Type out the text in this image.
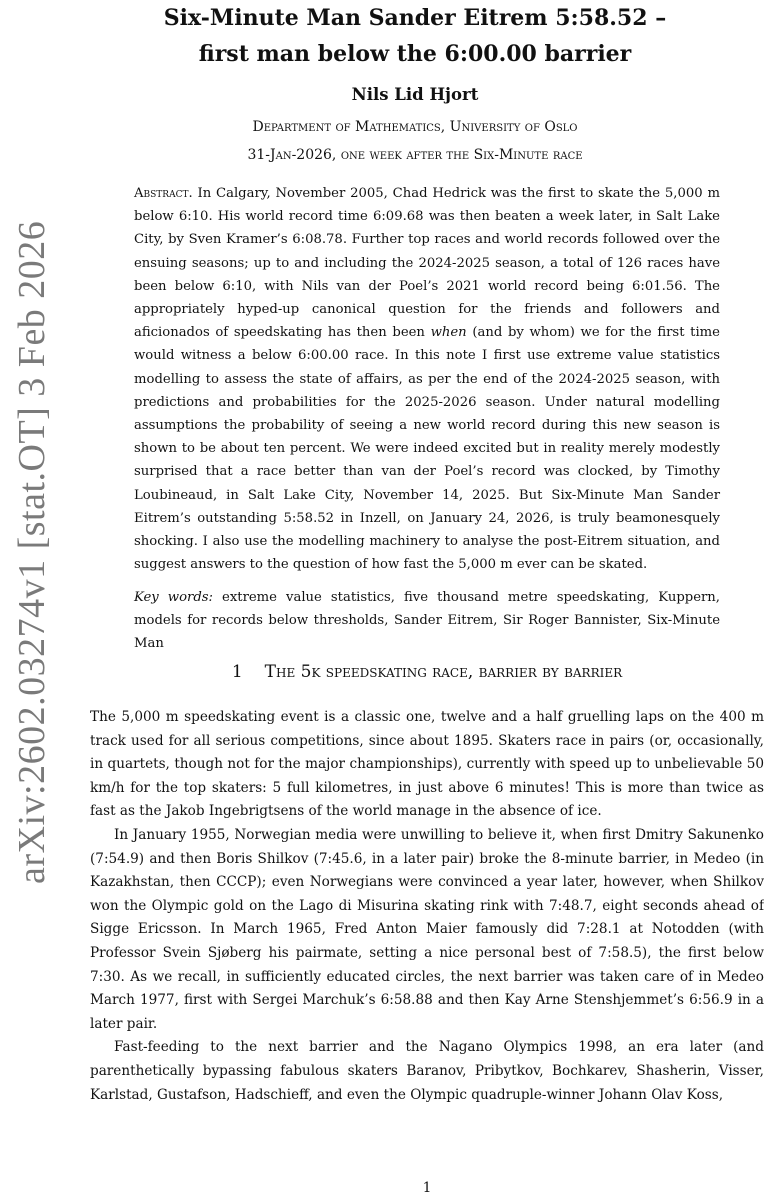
arXiv:2602.03274v1 [stat.OT] 3 Feb 2026
Six-Minute Man Sander Eitrem 5:58.52 –
first man below the 6:00.00 barrier
Nils Lid Hjort
Department of Mathematics, University of Oslo
31-Jan-2026, one week after the Six-Minute race
Abstract. In Calgary, November 2005, Chad Hedrick was the first to skate the 5,000 m below 6:10. His world record time 6:09.68 was then beaten a week later, in Salt Lake City, by Sven Kramer’s 6:08.78. Further top races and world records followed over the ensuing seasons; up to and including the 2024-2025 season, a total of 126 races have been below 6:10, with Nils van der Poel’s 2021 world record being 6:01.56. The appropriately hyped-up canonical question for the friends and followers and aficionados of speedskating has then been when (and by whom) we for the first time would witness a below 6:00.00 race. In this note I first use extreme value statistics modelling to assess the state of affairs, as per the end of the 2024-2025 season, with predictions and probabilities for the 2025-2026 season. Under natural modelling assumptions the probability of seeing a new world record during this new season is shown to be about ten percent. We were indeed excited but in reality merely modestly surprised that a race better than van der Poel’s record was clocked, by Timothy Loubineaud, in Salt Lake City, November 14, 2025. But Six-Minute Man Sander Eitrem’s outstanding 5:58.52 in Inzell, on January 24, 2026, is truly beamonesquely shocking. I also use the modelling machinery to analyse the post-Eitrem situation, and suggest answers to the question of how fast the 5,000 m ever can be skated.
Key words: extreme value statistics, five thousand metre speedskating, Kuppern, models for records below thresholds, Sander Eitrem, Sir Roger Bannister, Six-Minute Man
1 The 5k speedskating race, barrier by barrier

The 5,000 m speedskating event is a classic one, twelve and a half gruelling laps on the 400 m track used for all serious competitions, since about 1895. Skaters race in pairs (or, occasionally, in quartets, though not for the major championships), currently with speed up to unbelievable 50 km/h for the top skaters: 5 full kilometres, in just above 6 minutes! This is more than twice as fast as the Jakob Ingebrigtsens of the world manage in the absence of ice.

In January 1955, Norwegian media were unwilling to believe it, when first Dmitry Sakunenko (7:54.9) and then Boris Shilkov (7:45.6, in a later pair) broke the 8-minute barrier, in Medeo (in Kazakhstan, then CCCP); even Norwegians were convinced a year later, however, when Shilkov won the Olympic gold on the Lago di Misurina skating rink with 7:48.7, eight seconds ahead of Sigge Ericsson. In March 1965, Fred Anton Maier famously did 7:28.1 at Notodden (with Professor Svein Sjøberg his pairmate, setting a nice personal best of 7:58.5), the first below 7:30. As we recall, in sufficiently educated circles, the next barrier was taken care of in Medeo March 1977, first with Sergei Marchuk’s 6:58.88 and then Kay Arne Stenshjemmet’s 6:56.9 in a later pair.

Fast-feeding to the next barrier and the Nagano Olympics 1998, an era later (and parenthetically bypassing fabulous skaters Baranov, Pribytkov, Bochkarev, Shasherin, Visser, Karlstad, Gustafson, Hadschieff, and even the Olympic quadruple-winner Johann Olav Koss,

1
